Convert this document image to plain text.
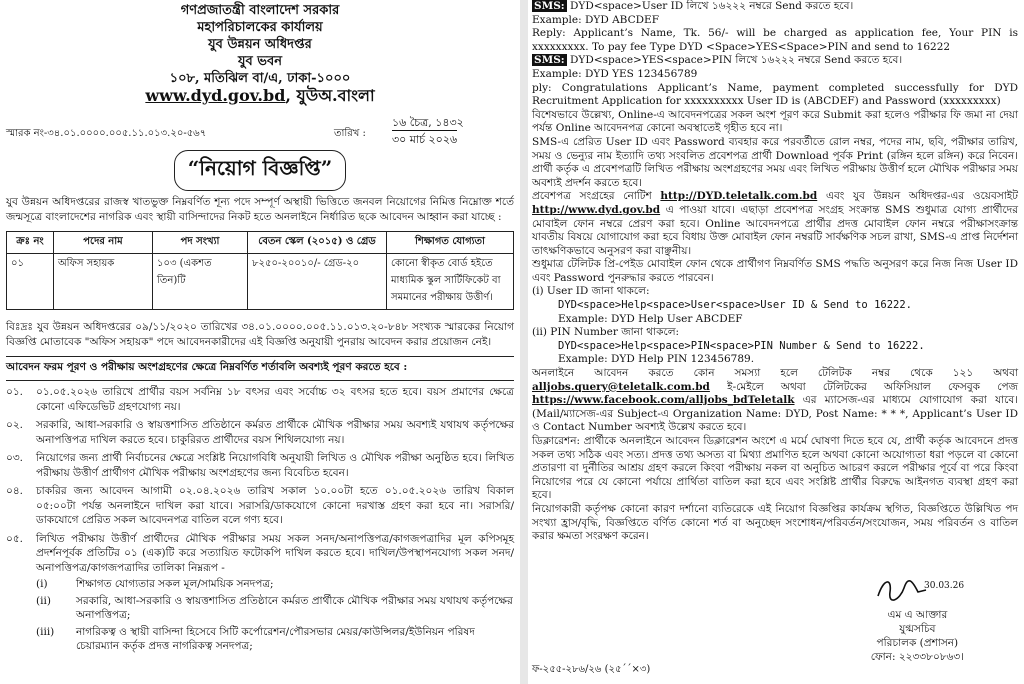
গণপ্রজাতন্ত্রী বাংলাদেশ সরকার
মহাপরিচালকের কার্যালয়
যুব উন্নয়ন অধিদপ্তর
যুব ভবন
১০৮, মতিঝিল বা/এ, ঢাকা-১০০০
www.dyd.gov.bd, যুউঅ.বাংলা
স্মারক নং-৩৪.০১.০০০০.০০৫.১১.০১৩.২০-৫৬৭	তারিখ :
১৬ চৈত্র, ১৪৩২
৩০ মার্চ ২০২৬
“নিয়োগ বিজ্ঞপ্তি”

যুব উন্নয়ন অধিদপ্তরের রাজস্ব খাতভুক্ত নিম্নবর্ণিত শূন্য পদে সম্পূর্ণ অস্থায়ী ভিত্তিতে জনবল নিয়োগের নিমিত্ত নিম্নোক্ত শর্তে জন্মসূত্রে বাংলাদেশের নাগরিক এবং স্থায়ী বাসিন্দাদের নিকট হতে অনলাইনে নির্ধারিত ছকে আবেদন আহ্বান করা যাচ্ছে :

ক্রঃ নং	পদের নাম	পদ সংখ্যা	বেতন স্কেল (২০১৫) ও গ্রেড	শিক্ষাগত যোগ্যতা
০১	অফিস সহায়ক	১০৩ (একশত তিন)টি	৮২৫০-২০০১০/- গ্রেড-২০	কোনো স্বীকৃত বোর্ড হইতে মাধ্যমিক স্কুল সার্টিফিকেট বা সমমানের পরীক্ষায় উত্তীর্ণ।

বিঃদ্রঃ যুব উন্নয়ন অধিদপ্তরের ০৯/১১/২০২০ তারিখের ৩৪.০১.০০০০.০০৫.১১.০১৩.২০-৮৪৮ সংখ্যক স্মারকের নিয়োগ বিজ্ঞপ্তি মোতাবেক "অফিস সহায়ক" পদে আবেদনকারীদের এই বিজ্ঞপ্তি অনুযায়ী পুনরায় আবেদন করার প্রয়োজন নেই।

আবেদন ফরম পূরণ ও পরীক্ষায় অংশগ্রহণের ক্ষেত্রে নিম্নবর্ণিত শর্তাবলি অবশ্যই পূরণ করতে হবে :
০১.	০১.০৫.২০২৬ তারিখে প্রার্থীর বয়স সর্বনিম্ন ১৮ বৎসর এবং সর্বোচ্চ ৩২ বৎসর হতে হবে। বয়স প্রমাণের ক্ষেত্রে কোনো এফিডেভিট গ্রহণযোগ্য নয়।
০২.	সরকারি, আধা-সরকারি ও স্বায়ত্তশাসিত প্রতিষ্ঠানে কর্মরত প্রার্থীকে মৌখিক পরীক্ষার সময় অবশ্যই যথাযথ কর্তৃপক্ষের অনাপত্তিপত্র দাখিল করতে হবে। চাকুরিরত প্রার্থীদের বয়স শিথিলযোগ্য নয়।
০৩.	নিয়োগের জন্য প্রার্থী নির্বাচনের ক্ষেত্রে সংশ্লিষ্ট নিয়োগবিধি অনুযায়ী লিখিত ও মৌখিক পরীক্ষা অনুষ্ঠিত হবে। লিখিত পরীক্ষায় উত্তীর্ণ প্রার্থীগণ মৌখিক পরীক্ষায় অংশগ্রহণের জন্য বিবেচিত হবেন।
০৪.	চাকরির জন্য আবেদন আগামী ০২.০৪.২০২৬ তারিখ সকাল ১০.০০টা হতে ০১.০৫.২০২৬ তারিখ বিকাল ০৫:০০টা পর্যন্ত অনলাইনে দাখিল করা যাবে। সরাসরি/ডাকযোগে কোনো দরখাস্ত গ্রহণ করা হবে না। সরাসরি/ডাকযোগে প্রেরিত সকল আবেদনপত্র বাতিল বলে গণ্য হবে।
০৫.	লিখিত পরীক্ষায় উত্তীর্ণ প্রার্থীদের মৌখিক পরীক্ষার সময় সকল সনদ/অনাপত্তিপত্র/কাগজপত্রাদির মূল কপিসমূহ প্রদর্শনপূর্বক প্রতিটির ০১ (এক)টি করে সত্যায়িত ফটোকপি দাখিল করতে হবে। দাখিল/উপস্থাপনযোগ্য সকল সনদ/অনাপত্তিপত্র/কাগজপত্রাদির তালিকা নিম্নরূপ -
(i)	শিক্ষাগত যোগ্যতার সকল মূল/সাময়িক সনদপত্র;
(ii)	সরকারি, আধা-সরকারি ও স্বায়ত্তশাসিত প্রতিষ্ঠানে কর্মরত প্রার্থীকে মৌখিক পরীক্ষার সময় যথাযথ কর্তৃপক্ষের অনাপত্তিপত্র;
(iii)	নাগরিকত্ব ও স্থায়ী বাসিন্দা হিসেবে সিটি কর্পোরেশন/পৌরসভার মেয়র/কাউন্সিলর/ইউনিয়ন পরিষদ চেয়ারম্যান কর্তৃক প্রদত্ত নাগরিকত্ব সনদপত্র;
SMS: DYD<space>User ID লিখে ১৬২২২ নম্বরে Send করতে হবে।
Example: DYD ABCDEF
Reply: Applicant’s Name, Tk. 56/- will be charged as application fee, Your PIN is xxxxxxxxx. To pay fee Type DYD <Space>YES<Space>PIN and send to 16222
SMS: DYD<space>YES<space>PIN লিখে ১৬২২২ নম্বরে Send করতে হবে।
Example: DYD YES 123456789
ply: Congratulations Applicant’s Name, payment completed successfully for DYD Recruitment Application for xxxxxxxxxx User ID is (ABCDEF) and Password (xxxxxxxxx)
বিশেষভাবে উল্লেখ্য, Online-এ আবেদনপত্রের সকল অংশ পূরণ করে Submit করা হলেও পরীক্ষার ফি জমা না দেয়া পর্যন্ত Online আবেদনপত্র কোনো অবস্থাতেই গৃহীত হবে না।
SMS-এ প্রেরিত User ID এবং Password ব্যবহার করে পরবর্তীতে রোল নম্বর, পদের নাম, ছবি, পরীক্ষার তারিখ, সময় ও ভেন্যুর নাম ইত্যাদি তথ্য সংবলিত প্রবেশপত্র প্রার্থী Download পূর্বক Print (রঙ্গিন হলে রঙ্গিন) করে নিবেন। প্রার্থী কর্তৃক এ প্রবেশপত্রটি লিখিত পরীক্ষায় অংশগ্রহণের সময় এবং লিখিত পরীক্ষায় উত্তীর্ণ হলে মৌখিক পরীক্ষার সময় অবশ্যই প্রদর্শন করতে হবে।
প্রবেশপত্র সংগ্রহের নোটিশ http://DYD.teletalk.com.bd এবং যুব উন্নয়ন অধিদপ্তর-এর ওয়েবসাইট http://www.dyd.gov.bd এ পাওয়া যাবে। এছাড়া প্রবেশপত্র সংগ্রহ সংক্রান্ত SMS শুধুমাত্র যোগ্য প্রার্থীদের মোবাইল ফোন নম্বরে প্রেরণ করা হবে। Online আবেদনপত্রে প্রার্থীর প্রদত্ত মোবাইল ফোন নম্বরে পরীক্ষাসংক্রান্ত যাবতীয় বিষয়ে যোগাযোগ করা হবে বিধায় উক্ত মোবাইল ফোন নম্বরটি সার্বক্ষণিক সচল রাখা, SMS-এ প্রাপ্ত নির্দেশনা তাৎক্ষণিকভাবে অনুসরণ করা বাঞ্ছনীয়।
শুধুমাত্র টেলিটক প্রি-পেইড মোবাইল ফোন থেকে প্রার্থীগণ নিম্নবর্ণিত SMS পদ্ধতি অনুসরণ করে নিজ নিজ User ID এবং Password পুনরুদ্ধার করতে পারবেন।
(i) User ID জানা থাকলে:
DYD<space>Help<space>User<space>User ID & Send to 16222.
Example: DYD Help User ABCDEF
(ii) PIN Number জানা থাকলে:
DYD<space>Help<space>PIN<space>PIN Number & Send to 16222.
Example: DYD Help PIN 123456789.
অনলাইনে আবেদন করতে কোন সমস্যা হলে টেলিটক নম্বর থেকে ১২১ অথবা alljobs.query@teletalk.com.bd ই-মেইলে অথবা টেলিটকের অফিসিয়াল ফেসবুক পেজ https://www.facebook.com/alljobs_bdTeletalk এর ম্যাসেজ-এর মাধ্যমে যোগাযোগ করা যাবে। (Mail/ম্যাসেজ-এর Subject-এ Organization Name: DYD, Post Name: * * *, Applicant’s User ID ও Contact Number অবশ্যই উল্লেখ করতে হবে।
ডিক্লারেশন: প্রার্থীকে অনলাইনে আবেদন ডিক্লারেশন অংশে এ মর্মে ঘোষণা দিতে হবে যে, প্রার্থী কর্তৃক আবেদনে প্রদত্ত সকল তথ্য সঠিক এবং সত্য। প্রদত্ত তথ্য অসত্য বা মিথ্যা প্রমাণিত হলে অথবা কোনো অযোগ্যতা ধরা পড়লে বা কোনো প্রতারণা বা দুর্নীতির আশ্রয় গ্রহণ করলে কিংবা পরীক্ষায় নকল বা অনুচিত আচরণ করলে পরীক্ষার পূর্বে বা পরে কিংবা নিয়োগের পরে যে কোনো পর্যায়ে প্রার্থিতা বাতিল করা হবে এবং সংশ্লিষ্ট প্রার্থীর বিরুদ্ধে আইনগত ব্যবস্থা গ্রহণ করা হবে।
নিয়োগকারী কর্তৃপক্ষ কোনো কারণ দর্শানো ব্যতিরেকে এই নিয়োগ বিজ্ঞপ্তির কার্যক্রম স্থগিত, বিজ্ঞপ্তিতে উল্লিখিত পদ সংখ্যা হ্রাস/বৃদ্ধি, বিজ্ঞপ্তিতে বর্ণিত কোনো শর্ত বা অনুচ্ছেদ সংশোধন/পরিবর্তন/সংযোজন, সময় পরিবর্তন ও বাতিল করার ক্ষমতা সংরক্ষণ করেন।
30.03.26
এম এ আক্তার
যুগ্মসচিব
পরিচালক (প্রশাসন)
ফোন: ২২৩৩৮০৮৬৩।
ফ-২৫৫-২৮৬/২৬ (২৫´´×৩)
